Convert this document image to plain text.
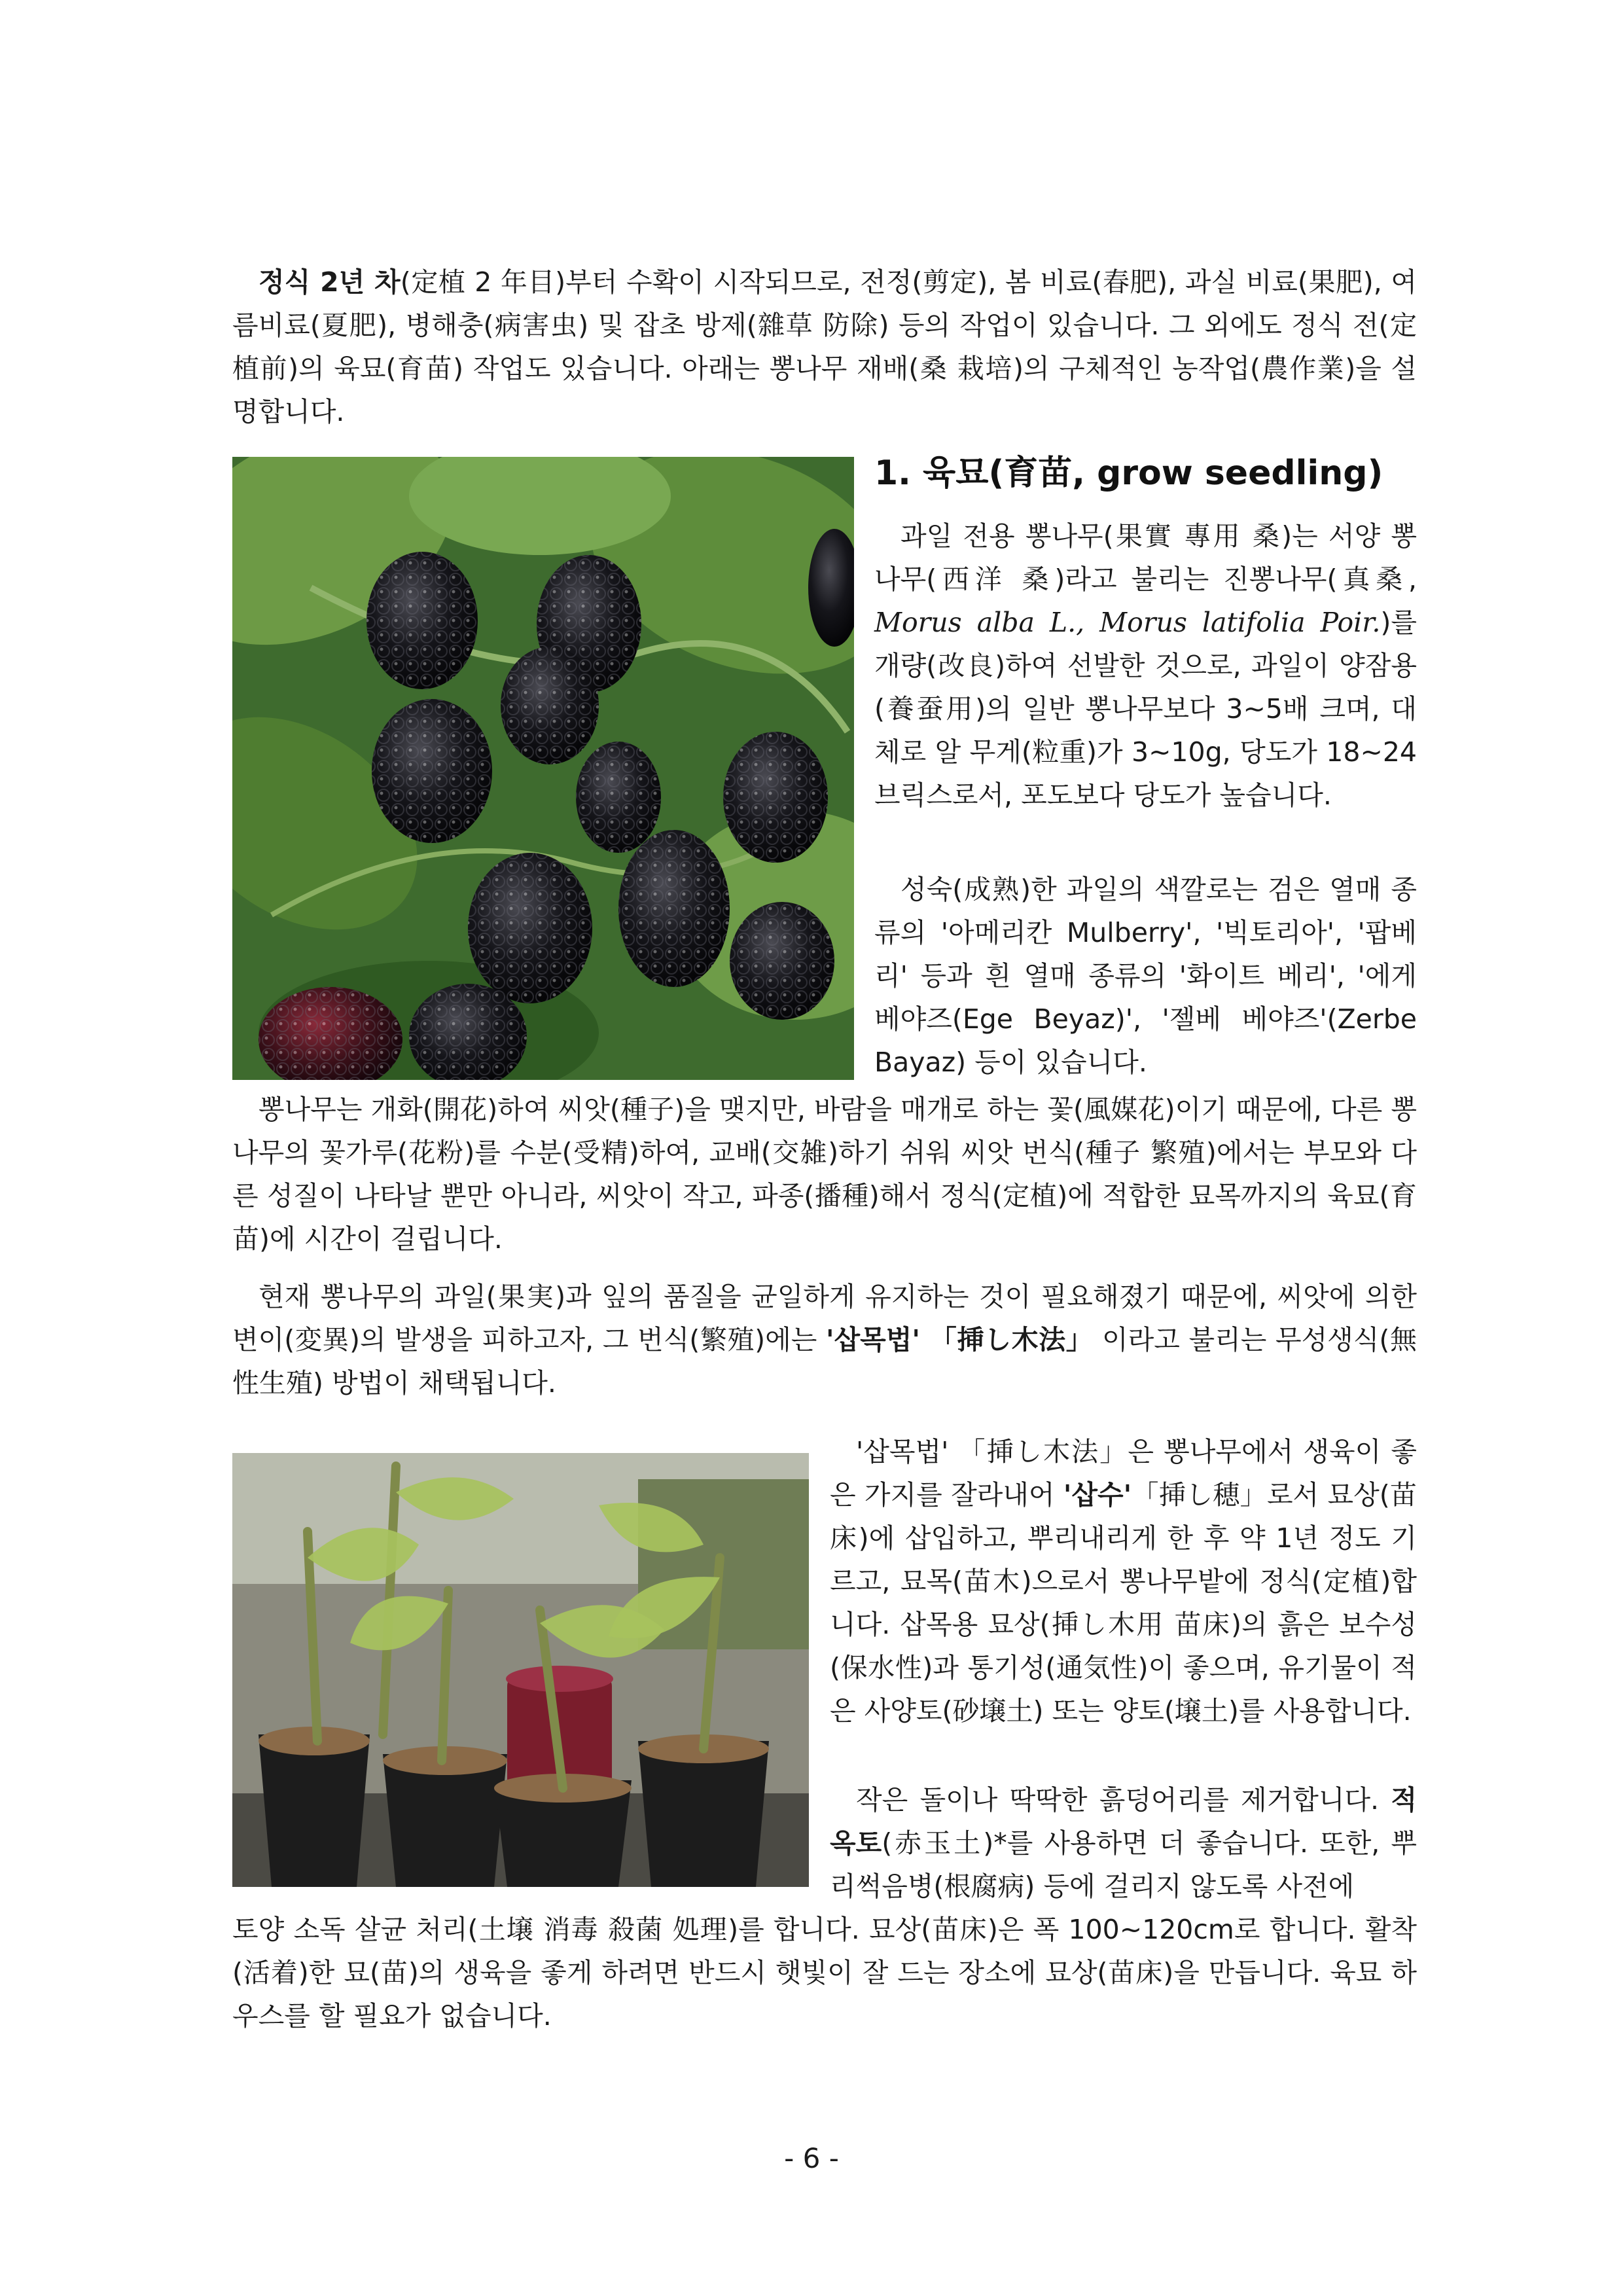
정식 2년 차(定植 2 年目)부터 수확이 시작되므로, 전정(剪定), 봄 비료(春肥), 과실 비료(果肥), 여름비료(夏肥), 병해충(病害虫) 및 잡초 방제(雜草 防除) 등의 작업이 있습니다. 그 외에도 정식 전(定植前)의 육묘(育苗) 작업도 있습니다. 아래는 뽕나무 재배(桑 栽培)의 구체적인 농작업(農作業)을 설명합니다.

1. 육묘(育苗, grow seedling)

과일 전용 뽕나무(果實 專用 桑)는 서양 뽕나무(西洋 桑)라고 불리는 진뽕나무(真桑, Morus alba L., Morus latifolia Poir.)를 개량(改良)하여 선발한 것으로, 과일이 양잠용(養蚕用)의 일반 뽕나무보다 3~5배 크며, 대체로 알 무게(粒重)가 3~10g, 당도가 18~24브릭스로서, 포도보다 당도가 높습니다.

성숙(成熟)한 과일의 색깔로는 검은 열매 종류의 '아메리칸 Mulberry', '빅토리아', '팝베리' 등과 흰 열매 종류의 '화이트 베리', '에게 베야즈(Ege Beyaz)', '젤베 베야즈'(Zerbe Bayaz) 등이 있습니다.

뽕나무는 개화(開花)하여 씨앗(種子)을 맺지만, 바람을 매개로 하는 꽃(風媒花)이기 때문에, 다른 뽕나무의 꽃가루(花粉)를 수분(受精)하여, 교배(交雑)하기 쉬워 씨앗 번식(種子 繁殖)에서는 부모와 다른 성질이 나타날 뿐만 아니라, 씨앗이 작고, 파종(播種)해서 정식(定植)에 적합한 묘목까지의 육묘(育苗)에 시간이 걸립니다.

현재 뽕나무의 과일(果実)과 잎의 품질을 균일하게 유지하는 것이 필요해졌기 때문에, 씨앗에 의한 변이(変異)의 발생을 피하고자, 그 번식(繁殖)에는 '삽목법' 「挿し木法」 이라고 불리는 무성생식(無性生殖) 방법이 채택됩니다.

'삽목법' 「挿し木法」은 뽕나무에서 생육이 좋은 가지를 잘라내어 '삽수'「挿し穂」로서 묘상(苗床)에 삽입하고, 뿌리내리게 한 후 약 1년 정도 기르고, 묘목(苗木)으로서 뽕나무밭에 정식(定植)합니다. 삽목용 묘상(挿し木用 苗床)의 흙은 보수성(保水性)과 통기성(通気性)이 좋으며, 유기물이 적은 사양토(砂壌土) 또는 양토(壌土)를 사용합니다.

작은 돌이나 딱딱한 흙덩어리를 제거합니다. 적옥토(赤玉土)*를 사용하면 더 좋습니다. 또한, 뿌리썩음병(根腐病) 등에 걸리지 않도록 사전에

토양 소독 살균 처리(土壌 消毒 殺菌 処理)를 합니다. 묘상(苗床)은 폭 100~120cm로 합니다. 활착(活着)한 묘(苗)의 생육을 좋게 하려면 반드시 햇빛이 잘 드는 장소에 묘상(苗床)을 만듭니다. 육묘 하우스를 할 필요가 없습니다.

- 6 -
